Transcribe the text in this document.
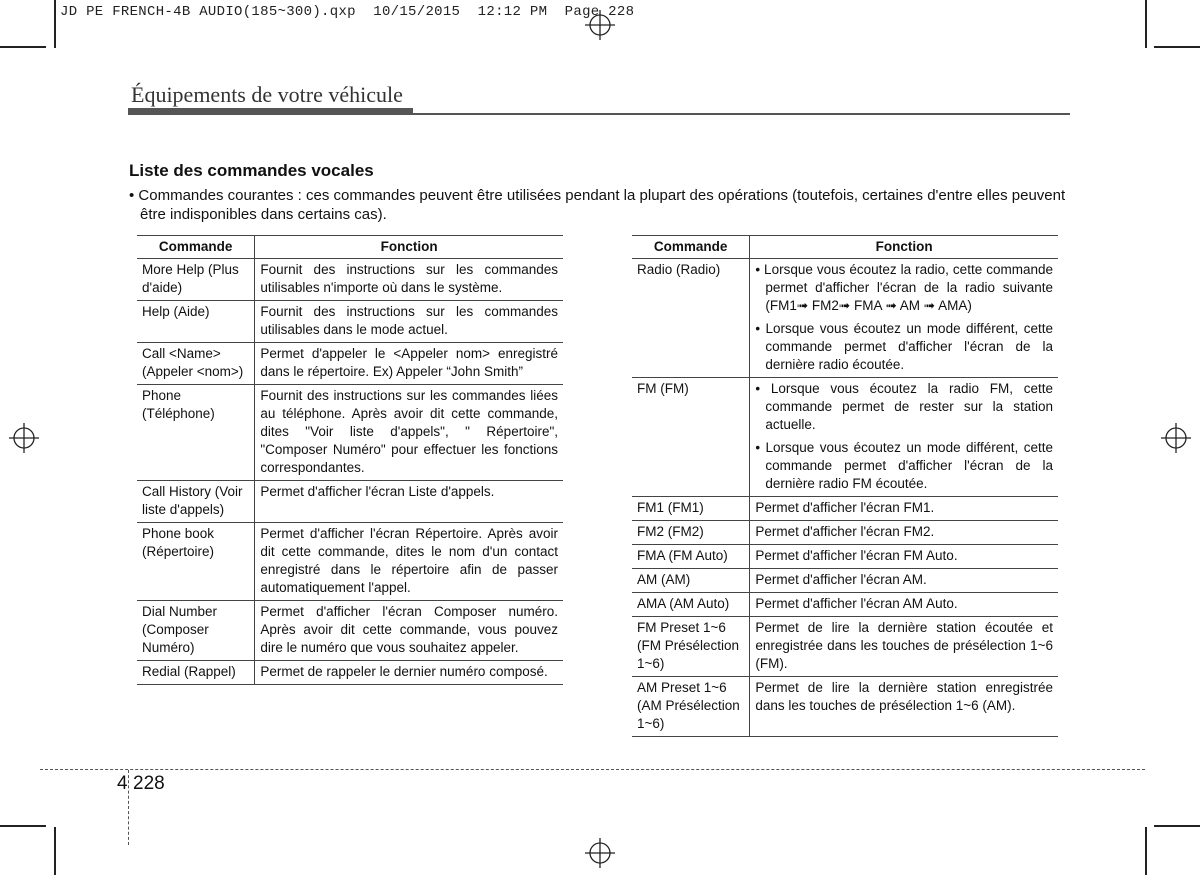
JD PE FRENCH-4B AUDIO(185~300).qxp  10/15/2015  12:12 PM  Page 228
Équipements de votre véhicule
Liste des commandes vocales
• Commandes courantes : ces commandes peuvent être utilisées pendant la plupart des opérations (toutefois, certaines d'entre elles peuvent être indisponibles dans certains cas).
Commande	Fonction
More Help (Plus d'aide)	Fournit des instructions sur les commandes utilisables n'importe où dans le système.
Help (Aide)	Fournit des instructions sur les commandes utilisables dans le mode actuel.
Call <Name> (Appeler <nom>)	Permet d'appeler le <Appeler nom> enregistré dans le répertoire. Ex) Appeler “John Smith”
Phone (Téléphone)	Fournit des instructions sur les commandes liées au téléphone. Après avoir dit cette commande, dites "Voir liste d'appels", " Répertoire", "Composer Numéro" pour effectuer les fonctions correspondantes.
Call History (Voir liste d'appels)	Permet d'afficher l'écran Liste d'appels.
Phone book (Répertoire)	Permet d'afficher l'écran Répertoire. Après avoir dit cette commande, dites le nom d'un contact enregistré dans le répertoire afin de passer automatiquement l'appel.
Dial Number (Composer Numéro)	Permet d'afficher l'écran Composer numéro. Après avoir dit cette commande, vous pouvez dire le numéro que vous souhaitez appeler.
Redial (Rappel)	Permet de rappeler le dernier numéro composé.
Commande	Fonction
Radio (Radio)	• Lorsque vous écoutez la radio, cette commande permet d'afficher l'écran de la radio suivante (FM1➟ FM2➟ FMA ➟ AM ➟ AMA)
• Lorsque vous écoutez un mode différent, cette commande permet d'afficher l'écran de la dernière radio écoutée.

FM (FM)	• Lorsque vous écoutez la radio FM, cette commande permet de rester sur la station actuelle.
• Lorsque vous écoutez un mode différent, cette commande permet d'afficher l'écran de la dernière radio FM écoutée.

FM1 (FM1)	Permet d'afficher l'écran FM1.
FM2 (FM2)	Permet d'afficher l'écran FM2.
FMA (FM Auto)	Permet d'afficher l'écran FM Auto.
AM (AM)	Permet d'afficher l'écran AM.
AMA (AM Auto)	Permet d'afficher l'écran AM Auto.
FM Preset 1~6 (FM Présélection 1~6)	Permet de lire la dernière station écoutée et enregistrée dans les touches de présélection 1~6 (FM).
AM Preset 1~6 (AM Présélection 1~6)	Permet de lire la dernière station enregistrée dans les touches de présélection 1~6 (AM).
4 228
